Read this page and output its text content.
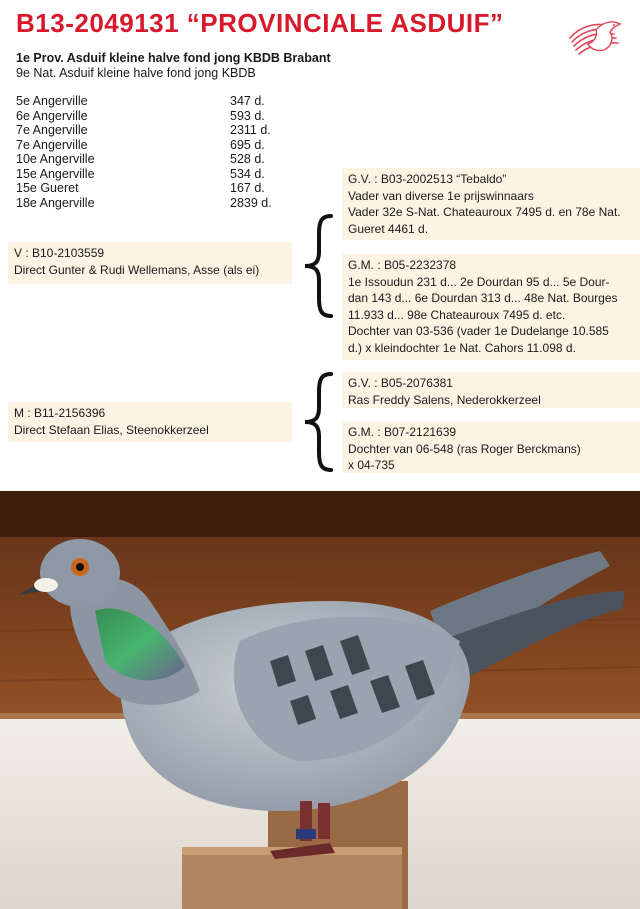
B13-2049131 “PROVINCIALE ASDUIF”
1e Prov. Asduif kleine halve fond jong KBDB Brabant
9e Nat. Asduif kleine halve fond jong KBDB
5e Angerville	347 d.
6e Angerville	593 d.
7e Angerville	2311 d.
7e Angerville	695 d.
10e Angerville	528 d.
15e Angerville	534 d.
15e Gueret	167 d.
18e Angerville	2839 d.
G.V. : B03-2002513 “Tebaldo”
Vader van diverse 1e prijswinnaars
Vader 32e S-Nat. Chateauroux 7495 d. en 78e Nat.
Gueret 4461 d.
G.M. : B05-2232378
1e Issoudun 231 d... 2e Dourdan 95 d... 5e Dour-
dan 143 d... 6e Dourdan 313 d... 48e Nat. Bourges
11.933 d... 98e Chateauroux 7495 d. etc.
Dochter van 03-536 (vader 1e Dudelange 10.585
d.) x kleindochter 1e Nat. Cahors 11.098 d.
V : B10-2103559
Direct Gunter & Rudi Wellemans, Asse (als ei)
G.V. : B05-2076381
Ras Freddy Salens, Nederokkerzeel
G.M. : B07-2121639
Dochter van 06-548 (ras Roger Berckmans)
x 04-735
M : B11-2156396
Direct Stefaan Elias, Steenokkerzeel
